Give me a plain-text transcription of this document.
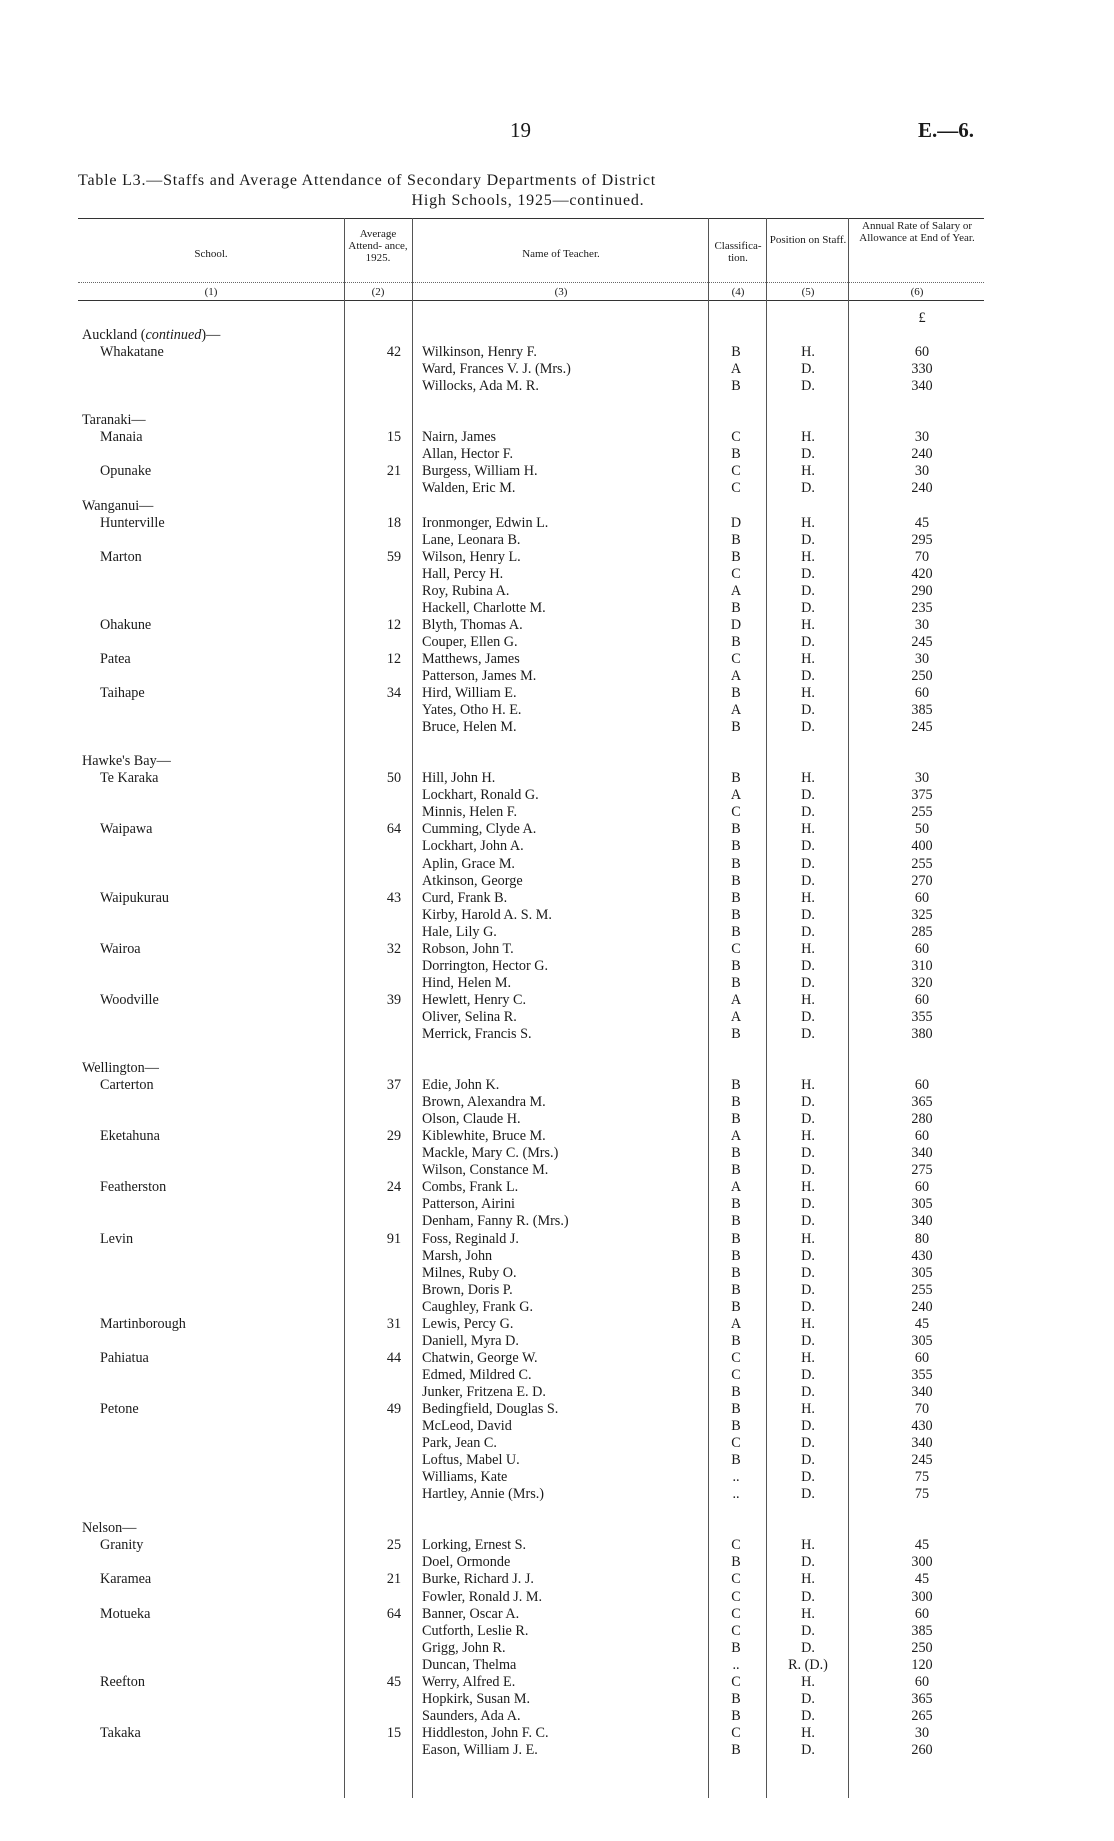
19	E.—6.
Table L3.—Staffs and Average Attendance of Secondary Departments of District
High Schools, 1925—continued.
School.
Average Attend- ance, 1925.	Name of Teacher.
Classifica- tion.
Position on Staff.
Annual Rate of Salary or Allowance at End of Year.
(1)	(2)	(3)	(4)	(5)	(6)
£
Auckland (continued)—
Whakatane	42	Wilkinson, Henry F.	B	H.	60
Ward, Frances V. J. (Mrs.)	A	D.	330
Willocks, Ada M. R.	B	D.	340
Taranaki—
Manaia	15	Nairn, James	C	H.	30
Allan, Hector F.	B	D.	240
Opunake	21	Burgess, William H.	C	H.	30
Walden, Eric M.	C	D.	240
Wanganui—
Hunterville	18	Ironmonger, Edwin L.	D	H.	45
Lane, Leonara B.	B	D.	295
Marton	59	Wilson, Henry L.	B	H.	70
Hall, Percy H.	C	D.	420
Roy, Rubina A.	A	D.	290
Hackell, Charlotte M.	B	D.	235
Ohakune	12	Blyth, Thomas A.	D	H.	30
Couper, Ellen G.	B	D.	245
Patea	12	Matthews, James	C	H.	30
Patterson, James M.	A	D.	250
Taihape	34	Hird, William E.	B	H.	60
Yates, Otho H. E.	A	D.	385
Bruce, Helen M.	B	D.	245
Hawke's Bay—
Te Karaka	50	Hill, John H.	B	H.	30
Lockhart, Ronald G.	A	D.	375
Minnis, Helen F.	C	D.	255
Waipawa	64	Cumming, Clyde A.	B	H.	50
Lockhart, John A.	B	D.	400
Aplin, Grace M.	B	D.	255
Atkinson, George	B	D.	270
Waipukurau	43	Curd, Frank B.	B	H.	60
Kirby, Harold A. S. M.	B	D.	325
Hale, Lily G.	B	D.	285
Wairoa	32	Robson, John T.	C	H.	60
Dorrington, Hector G.	B	D.	310
Hind, Helen M.	B	D.	320
Woodville	39	Hewlett, Henry C.	A	H.	60
Oliver, Selina R.	A	D.	355
Merrick, Francis S.	B	D.	380
Wellington—
Carterton	37	Edie, John K.	B	H.	60
Brown, Alexandra M.	B	D.	365
Olson, Claude H.	B	D.	280
Eketahuna	29	Kiblewhite, Bruce M.	A	H.	60
Mackle, Mary C. (Mrs.)	B	D.	340
Wilson, Constance M.	B	D.	275
Featherston	24	Combs, Frank L.	A	H.	60
Patterson, Airini	B	D.	305
Denham, Fanny R. (Mrs.)	B	D.	340
Levin	91	Foss, Reginald J.	B	H.	80
Marsh, John	B	D.	430
Milnes, Ruby O.	B	D.	305
Brown, Doris P.	B	D.	255
Caughley, Frank G.	B	D.	240
Martinborough	31	Lewis, Percy G.	A	H.	45
Daniell, Myra D.	B	D.	305
Pahiatua	44	Chatwin, George W.	C	H.	60
Edmed, Mildred C.	C	D.	355
Junker, Fritzena E. D.	B	D.	340
Petone	49	Bedingfield, Douglas S.	B	H.	70
McLeod, David	B	D.	430
Park, Jean C.	C	D.	340
Loftus, Mabel U.	B	D.	245
Williams, Kate	..	D.	75
Hartley, Annie (Mrs.)	..	D.	75
Nelson—
Granity	25	Lorking, Ernest S.	C	H.	45
Doel, Ormonde	B	D.	300
Karamea	21	Burke, Richard J. J.	C	H.	45
Fowler, Ronald J. M.	C	D.	300
Motueka	64	Banner, Oscar A.	C	H.	60
Cutforth, Leslie R.	C	D.	385
Grigg, John R.	B	D.	250
Duncan, Thelma	..	R. (D.)	120
Reefton	45	Werry, Alfred E.	C	H.	60
Hopkirk, Susan M.	B	D.	365
Saunders, Ada A.	B	D.	265
Takaka	15	Hiddleston, John F. C.	C	H.	30
Eason, William J. E.	B	D.	260
